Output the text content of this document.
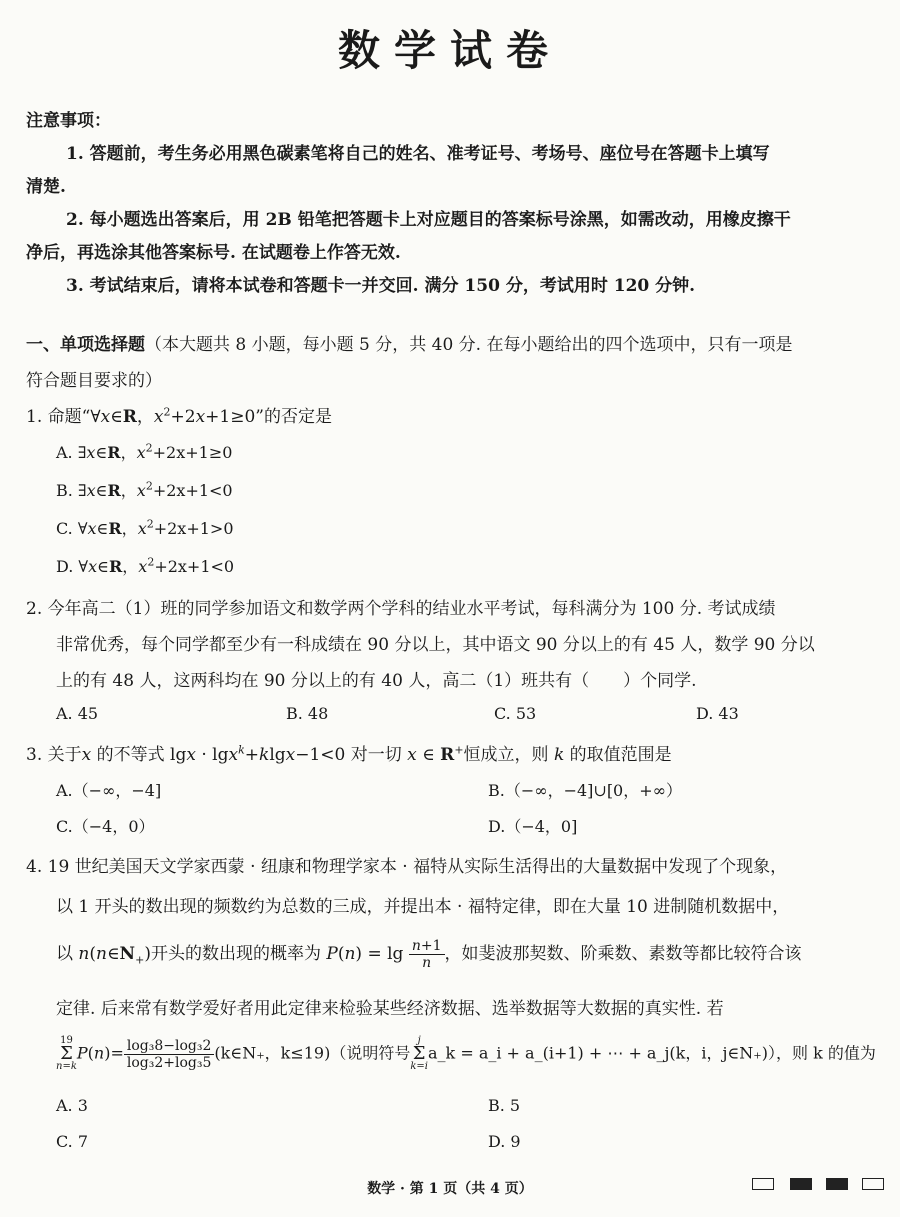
数学试卷
注意事项：
1. 答题前，考生务必用黑色碳素笔将自己的姓名、准考证号、考场号、座位号在答题卡上填写
清楚.
2. 每小题选出答案后，用 2B 铅笔把答题卡上对应题目的答案标号涂黑，如需改动，用橡皮擦干
净后，再选涂其他答案标号. 在试题卷上作答无效.
3. 考试结束后，请将本试卷和答题卡一并交回. 满分 150 分，考试用时 120 分钟.
一、单项选择题（本大题共 8 小题，每小题 5 分，共 40 分. 在每小题给出的四个选项中，只有一项是
符合题目要求的）
1. 命题“∀x∈R，$x^2+2x+1\ge 0$”的否定是
A. ∃x∈R，$x^2+2x+1\ge 0$
B. ∃x∈R，$x^2+2x+1<0$
C. ∀x∈R，$x^2+2x+1>0$
D. ∀x∈R，$x^2+2x+1<0$
2. 今年高二（1）班的同学参加语文和数学两个学科的结业水平考试，每科满分为 100 分. 考试成绩
非常优秀，每个同学都至少有一科成绩在 90 分以上，其中语文 90 分以上的有 45 人，数学 90 分以
上的有 48 人，这两科均在 90 分以上的有 40 人，高二（1）班共有（　　）个同学.
A. 45	B. 48	C. 53	D. 43
3. 关于x 的不等式 lgx · lgx$^k$+klgx−1<0 对一切 x ∈ R+恒成立，则 k 的取值范围是
A.（−∞，−4]	B.（−∞，−4]∪[0，+∞）
C.（−4，0）	D.（−4，0]
4. 19 世纪美国天文学家西蒙 · 纽康和物理学家本 · 福特从实际生活得出的大量数据中发现了个现象，
以 1 开头的数出现的频数约为总数的三成，并提出本 · 福特定律，即在大量 10 进制随机数据中，
以 $n(n\in N_+)$开头的数出现的概率为 $P(n) = \lg \frac{n+1}{n}$ ，如斐波那契数、阶乘数、素数等都比较符合该
定律. 后来常有数学爱好者用此定律来检验某些经济数据、选举数据等大数据的真实性. 若
19
Σ
$n=kP(n)= \frac{\text{log₃8−log₃2}}{\text{log₃2+log₃5}}$ (k∈N₊，k≤19)（说明符号j
Σ
k=ia_k = a_i + a_(i+1) + ⋯ + a_j(k，i，j∈N₊)），则 k 的值为
A. 3	B. 5
C. 7	D. 9
数学 · 第 1 页（共 4 页）
